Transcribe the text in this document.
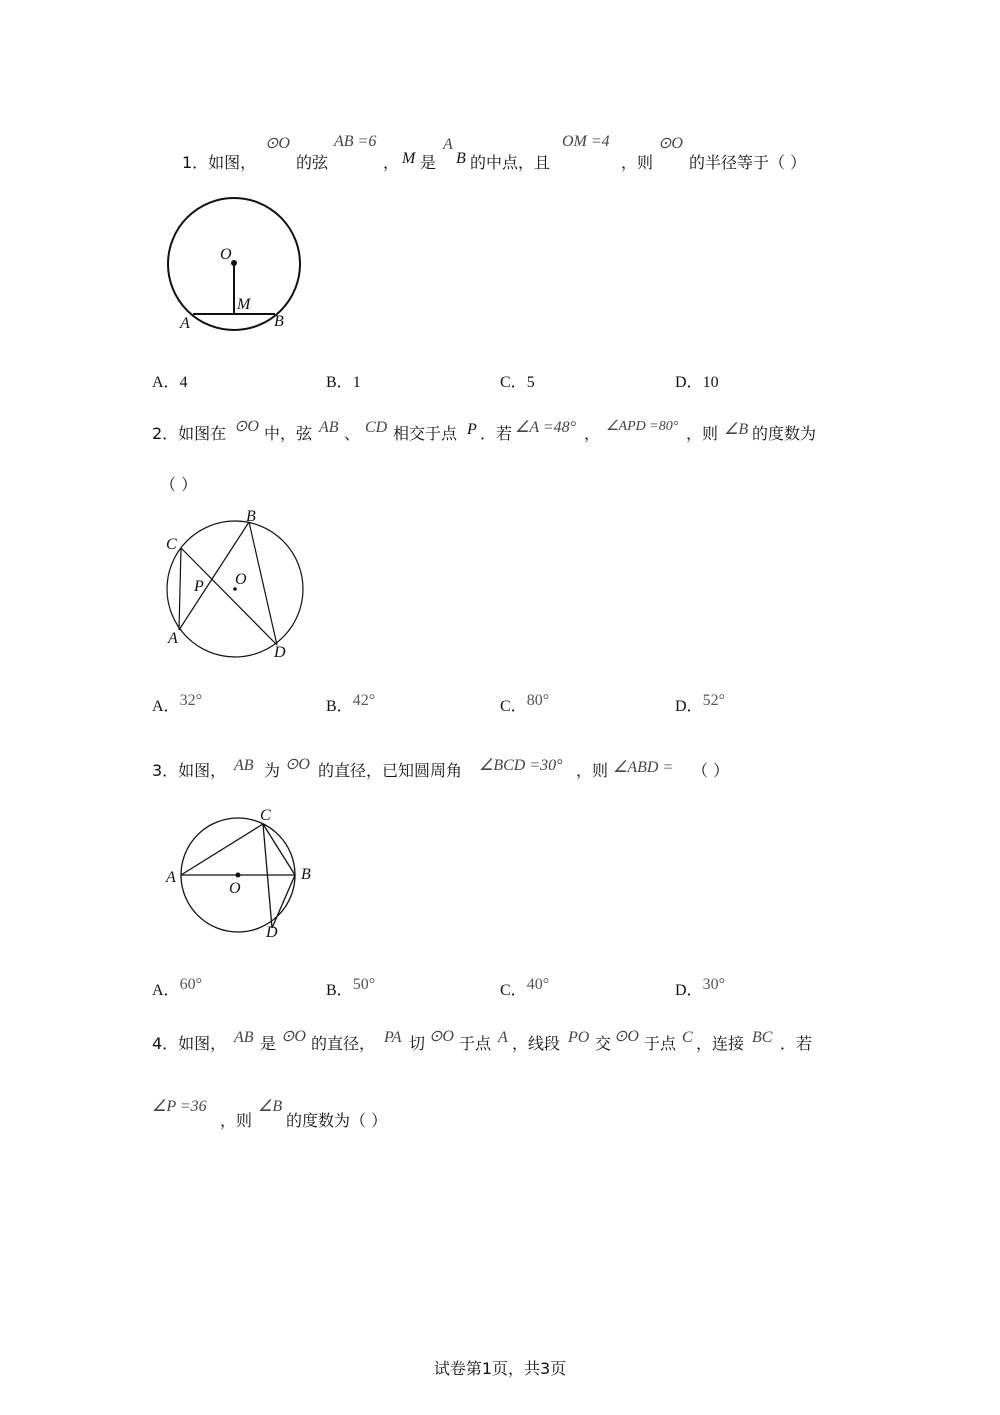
1．如图，
⊙O
的弦
AB =6
， M 是
A
B 的中点，且
OM =4
，则
⊙O
的半径等于（ ）
O
M
A	B
A．4	B．1	C．5	D．10
2．如图在 ⊙O 中，弦 AB 、 CD 相交于点 P ．若 ∠A =48° ， ∠APD =80° ，则 ∠B 的度数为
（ ）
B
C
P O
A
D
A．32°	B．42°	C．80°	D．52°
3．如图， AB 为 ⊙O 的直径，已知圆周角 ∠BCD =30° ，则 ∠ABD = （ ）
C
A
O
B
D
A．60°	B．50°	C．40°	D．30°
4．如图， AB 是 ⊙O 的直径， PA 切 ⊙O 于点 A ，线段 PO 交 ⊙O 于点 C ，连接 BC ．若
∠P =36
，则
∠B
的度数为（ ）
试卷第1页，共3页
